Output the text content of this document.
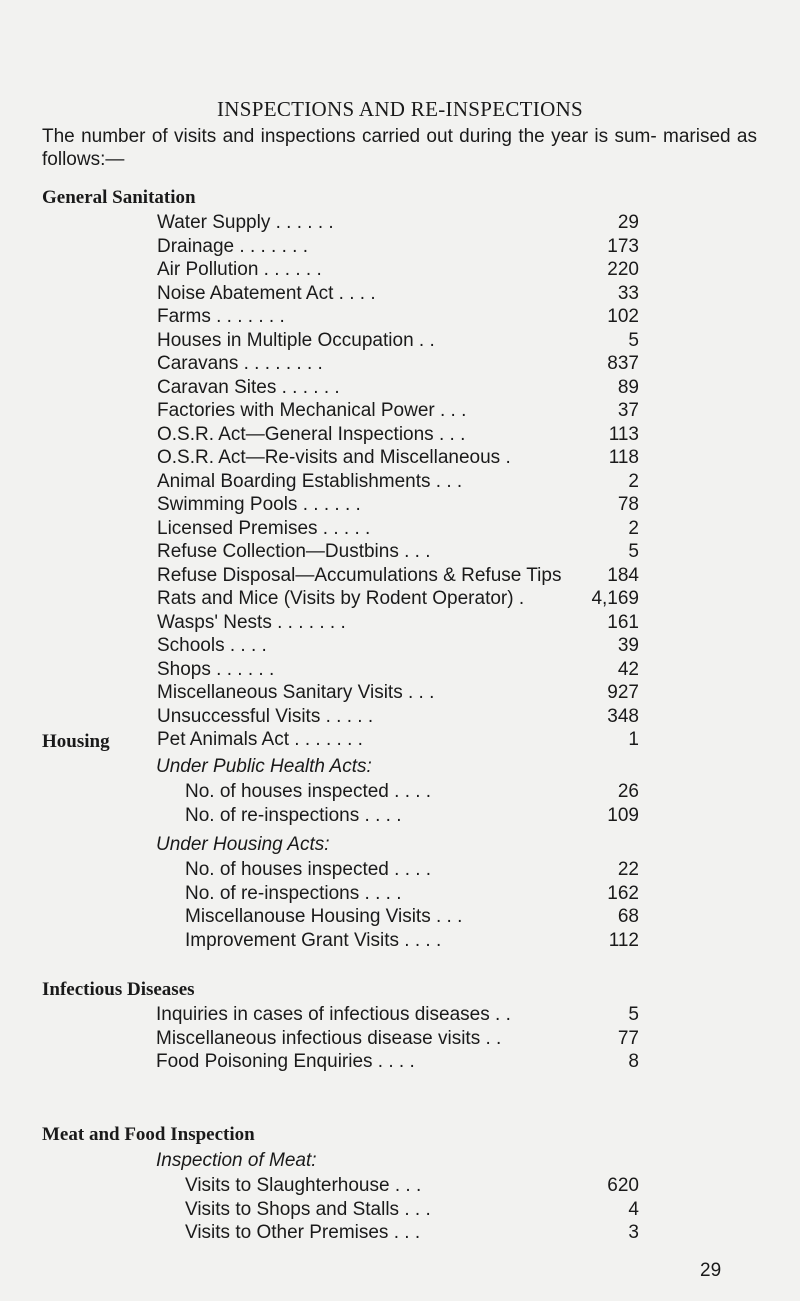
INSPECTIONS AND RE-INSPECTIONS
The number of visits and inspections carried out during the year is sum- marised as follows:—
General Sanitation
Water Supply . . . . . .	29
Drainage . . . . . . .	173
Air Pollution . . . . . .	220
Noise Abatement Act . . . .	33
Farms . . . . . . .	102
Houses in Multiple Occupation . .	5
Caravans . . . . . . . .	837
Caravan Sites . . . . . .	89
Factories with Mechanical Power . . .	37
O.S.R. Act—General Inspections . . .	113
O.S.R. Act—Re-visits and Miscellaneous .	118
Animal Boarding Establishments . . .	2
Swimming Pools . . . . . .	78
Licensed Premises . . . . .	2
Refuse Collection—Dustbins . . .	5
Refuse Disposal—Accumulations & Refuse Tips 184
Rats and Mice (Visits by Rodent Operator) .	4,169
Wasps' Nests . . . . . . .	161
Schools . . . .	39
Shops . . . . . .	42
Miscellaneous Sanitary Visits . . .	927
Unsuccessful Visits . . . . .	348
Pet Animals Act . . . . . . .	1
Housing
Under Public Health Acts:
No. of houses inspected . . . .	26
No. of re-inspections . . . .	109
Under Housing Acts:
No. of houses inspected . . . .	22
No. of re-inspections . . . .	162
Miscellanouse Housing Visits . . .	68
Improvement Grant Visits . . . .	112
Infectious Diseases
Inquiries in cases of infectious diseases . .	5
Miscellaneous infectious disease visits . .	77
Food Poisoning Enquiries . . . .	8
Meat and Food Inspection
Inspection of Meat:
Visits to Slaughterhouse . . .	620
Visits to Shops and Stalls . . .	4
Visits to Other Premises . . .	3
29
